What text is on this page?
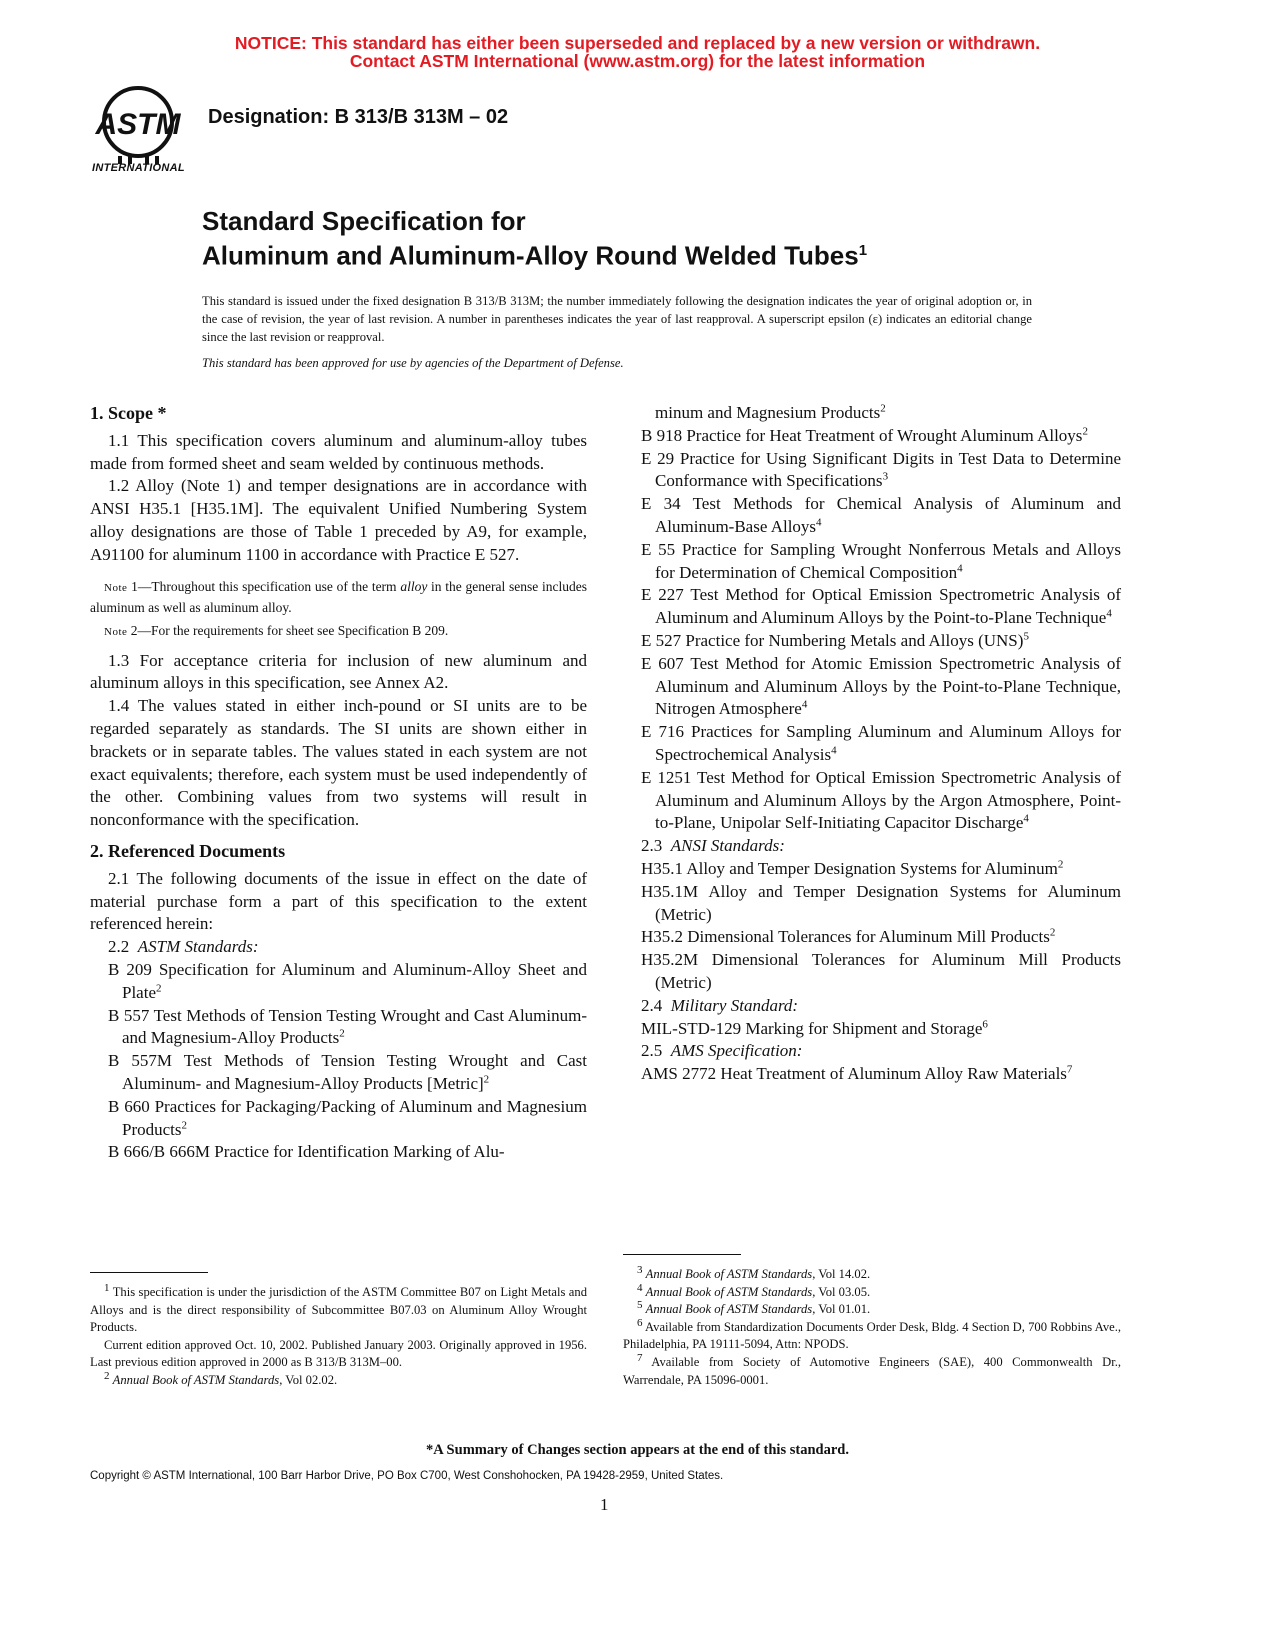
NOTICE: This standard has either been superseded and replaced by a new version or withdrawn.
Contact ASTM International (www.astm.org) for the latest information
ASTM
INTERNATIONAL
Designation: B 313/B 313M – 02
Standard Specification for
Aluminum and Aluminum-Alloy Round Welded Tubes$^1$
This standard is issued under the fixed designation B 313/B 313M; the number immediately following the designation indicates the year of original adoption or, in the case of revision, the year of last revision. A number in parentheses indicates the year of last reapproval. A superscript epsilon (ε) indicates an editorial change since the last revision or reapproval.
This standard has been approved for use by agencies of the Department of Defense.
1. Scope *

1.1 This specification covers aluminum and aluminum-alloy tubes made from formed sheet and seam welded by continuous methods.

1.2 Alloy (Note 1) and temper designations are in accordance with ANSI H35.1 [H35.1M]. The equivalent Unified Numbering System alloy designations are those of Table 1 preceded by A9, for example, A91100 for aluminum 1100 in accordance with Practice E 527.

Note 1—Throughout this specification use of the term alloy in the general sense includes aluminum as well as aluminum alloy.

Note 2—For the requirements for sheet see Specification B 209.

1.3 For acceptance criteria for inclusion of new aluminum and aluminum alloys in this specification, see Annex A2.

1.4 The values stated in either inch-pound or SI units are to be regarded separately as standards. The SI units are shown either in brackets or in separate tables. The values stated in each system are not exact equivalents; therefore, each system must be used independently of the other. Combining values from two systems will result in nonconformance with the specification.

2. Referenced Documents

2.1 The following documents of the issue in effect on the date of material purchase form a part of this specification to the extent referenced herein:

2.2 ASTM Standards:

B 209 Specification for Aluminum and Aluminum-Alloy Sheet and Plate$^2$

B 557 Test Methods of Tension Testing Wrought and Cast Aluminum- and Magnesium-Alloy Products$^2$

B 557M Test Methods of Tension Testing Wrought and Cast Aluminum- and Magnesium-Alloy Products [Metric]$^2$

B 660 Practices for Packaging/Packing of Aluminum and Magnesium Products$^2$

B 666/B 666M Practice for Identification Marking of Alu-

minum and Magnesium Products$^2$

B 918 Practice for Heat Treatment of Wrought Aluminum Alloys$^2$

E 29 Practice for Using Significant Digits in Test Data to Determine Conformance with Specifications$^3$

E 34 Test Methods for Chemical Analysis of Aluminum and Aluminum-Base Alloys$^4$

E 55 Practice for Sampling Wrought Nonferrous Metals and Alloys for Determination of Chemical Composition$^4$

E 227 Test Method for Optical Emission Spectrometric Analysis of Aluminum and Aluminum Alloys by the Point-to-Plane Technique$^4$

E 527 Practice for Numbering Metals and Alloys (UNS)$^5$

E 607 Test Method for Atomic Emission Spectrometric Analysis of Aluminum and Aluminum Alloys by the Point-to-Plane Technique, Nitrogen Atmosphere$^4$

E 716 Practices for Sampling Aluminum and Aluminum Alloys for Spectrochemical Analysis$^4$

E 1251 Test Method for Optical Emission Spectrometric Analysis of Aluminum and Aluminum Alloys by the Argon Atmosphere, Point-to-Plane, Unipolar Self-Initiating Capacitor Discharge$^4$

2.3 ANSI Standards:

H35.1 Alloy and Temper Designation Systems for Aluminum$^2$

H35.1M Alloy and Temper Designation Systems for Aluminum (Metric)

H35.2 Dimensional Tolerances for Aluminum Mill Products$^2$

H35.2M Dimensional Tolerances for Aluminum Mill Products (Metric)

2.4 Military Standard:

MIL-STD-129 Marking for Shipment and Storage$^6$

2.5 AMS Specification:

AMS 2772 Heat Treatment of Aluminum Alloy Raw Materials$^7$

1 This specification is under the jurisdiction of the ASTM Committee B07 on Light Metals and Alloys and is the direct responsibility of Subcommittee B07.03 on Aluminum Alloy Wrought Products.

Current edition approved Oct. 10, 2002. Published January 2003. Originally approved in 1956. Last previous edition approved in 2000 as B 313/B 313M–00.

2 Annual Book of ASTM Standards, Vol 02.02.

3 Annual Book of ASTM Standards, Vol 14.02.

4 Annual Book of ASTM Standards, Vol 03.05.

5 Annual Book of ASTM Standards, Vol 01.01.

6 Available from Standardization Documents Order Desk, Bldg. 4 Section D, 700 Robbins Ave., Philadelphia, PA 19111-5094, Attn: NPODS.

7 Available from Society of Automotive Engineers (SAE), 400 Commonwealth Dr., Warrendale, PA 15096-0001.

*A Summary of Changes section appears at the end of this standard.
Copyright © ASTM International, 100 Barr Harbor Drive, PO Box C700, West Conshohocken, PA 19428-2959, United States.
1
